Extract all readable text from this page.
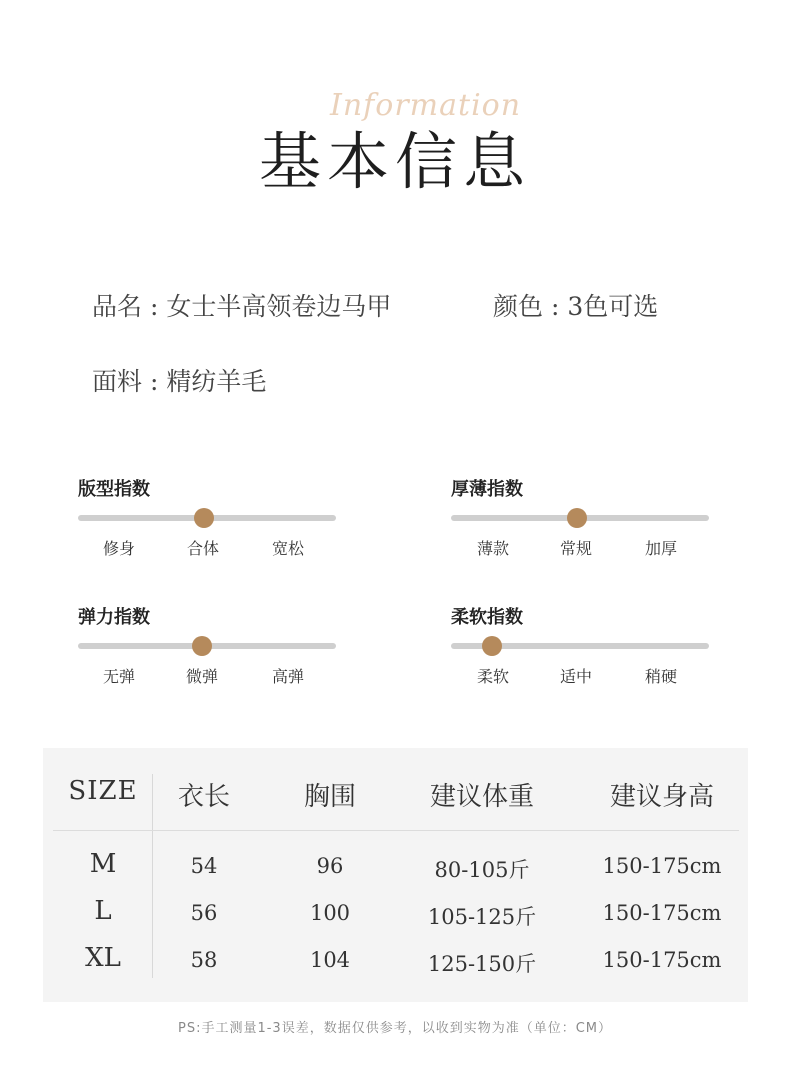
Information
基本信息
品名 : 女士半高领卷边马甲	颜色 : 3色可选
面料 : 精纺羊毛
版型指数
修身	合体	宽松
厚薄指数
薄款	常规	加厚
弹力指数
无弹	微弹	高弹
柔软指数
柔软	适中	稍硬
SIZE 衣长	胸围	建议体重	建议身高
M	54	96	80-105斤	150-175cm
L	56	100	105-125斤	150-175cm
XL	58	104	125-150斤	150-175cm
PS:手工测量1-3误差，数据仅供参考，以收到实物为准（单位：CM）
